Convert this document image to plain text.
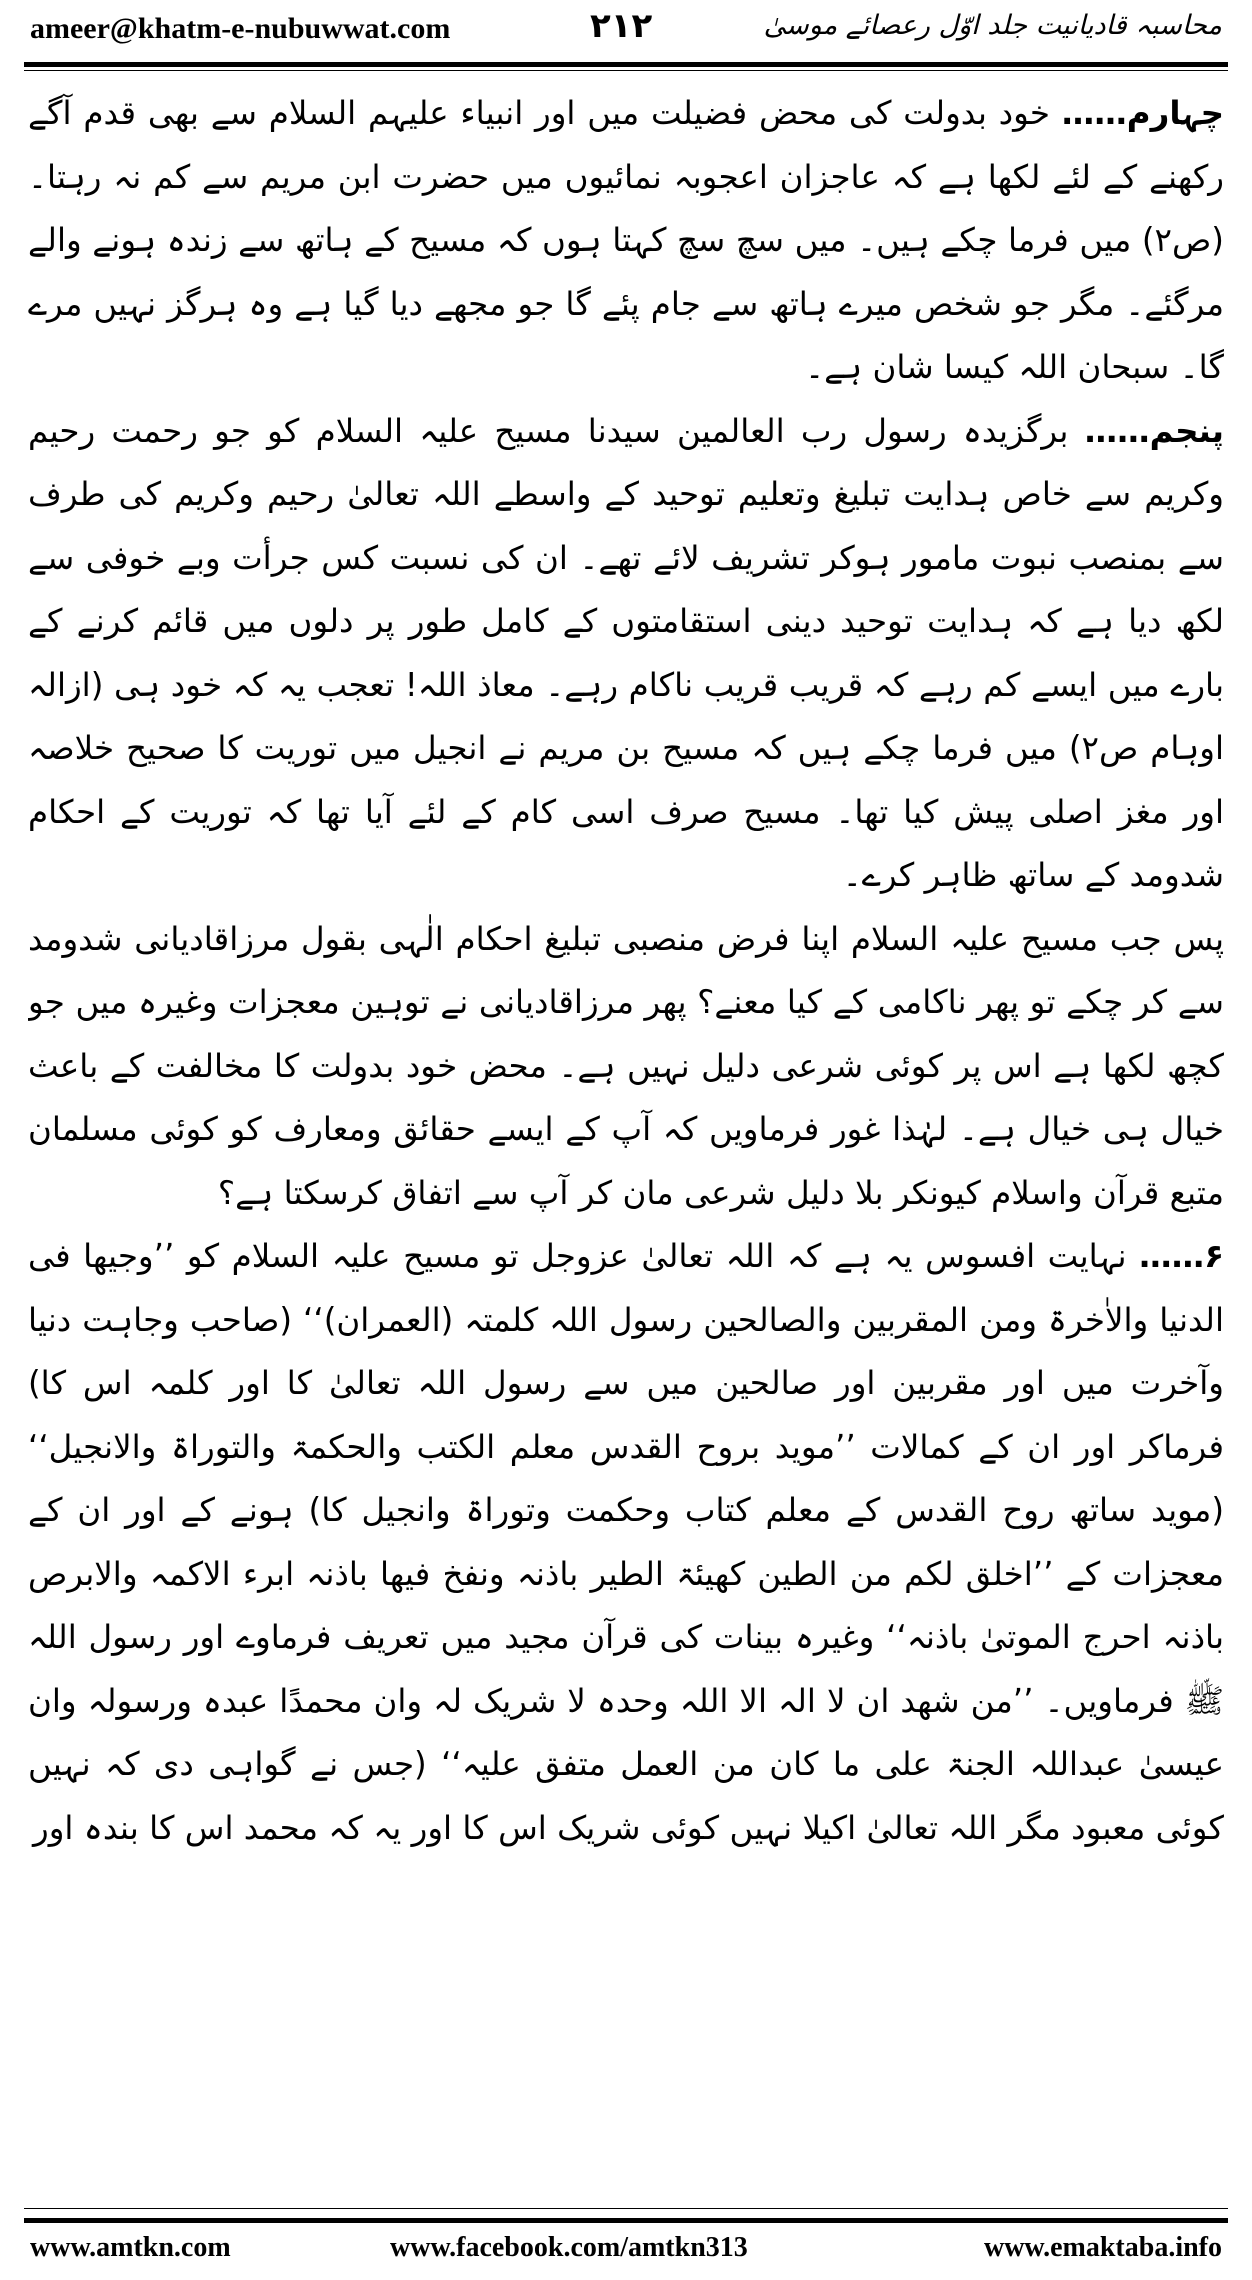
ameer@khatm-e-nubuwwat.com	۲۱۲	محاسبہ قادیانیت جلد اوّل رعصائے موسیٰ

چہارم…… خود بدولت کی محض فضیلت میں اور انبیاء علیہم السلام سے بھی قدم آگے رکھنے کے لئے لکھا ہے کہ عاجزان اعجوبہ نمائیوں میں حضرت ابن مریم سے کم نہ رہتا۔ (ص۲) میں فرما چکے ہیں۔ میں سچ سچ کہتا ہوں کہ مسیح کے ہاتھ سے زندہ ہونے والے مرگئے۔ مگر جو شخص میرے ہاتھ سے جام پئے گا جو مجھے دیا گیا ہے وہ ہرگز نہیں مرے گا۔ سبحان اللہ کیسا شان ہے۔

پنجم…… برگزیدہ رسول رب العالمین سیدنا مسیح علیہ السلام کو جو رحمت رحیم وکریم سے خاص ہدایت تبلیغ وتعلیم توحید کے واسطے اللہ تعالیٰ رحیم وکریم کی طرف سے بمنصب نبوت مامور ہوکر تشریف لائے تھے۔ ان کی نسبت کس جرأت وبے خوفی سے لکھ دیا ہے کہ ہدایت توحید دینی استقامتوں کے کامل طور پر دلوں میں قائم کرنے کے بارے میں ایسے کم رہے کہ قریب قریب ناکام رہے۔ معاذ اللہ! تعجب یہ کہ خود ہی (ازالہ اوہام ص۲) میں فرما چکے ہیں کہ مسیح بن مریم نے انجیل میں توریت کا صحیح خلاصہ اور مغز اصلی پیش کیا تھا۔ مسیح صرف اسی کام کے لئے آیا تھا کہ توریت کے احکام شدومد کے ساتھ ظاہر کرے۔

پس جب مسیح علیہ السلام اپنا فرض منصبی تبلیغ احکام الٰہی بقول مرزاقادیانی شدومد سے کر چکے تو پھر ناکامی کے کیا معنے؟ پھر مرزاقادیانی نے توہین معجزات وغیرہ میں جو کچھ لکھا ہے اس پر کوئی شرعی دلیل نہیں ہے۔ محض خود بدولت کا مخالفت کے باعث خیال ہی خیال ہے۔ لہٰذا غور فرماویں کہ آپ کے ایسے حقائق ومعارف کو کوئی مسلمان متبع قرآن واسلام کیونکر بلا دلیل شرعی مان کر آپ سے اتفاق کرسکتا ہے؟

۶…… نہایت افسوس یہ ہے کہ اللہ تعالیٰ عزوجل تو مسیح علیہ السلام کو ’’وجیھا فی الدنیا والاٰخرۃ ومن المقربین والصالحین رسول اللہ کلمتہ (العمران)‘‘ (صاحب وجاہت دنیا وآخرت میں اور مقربین اور صالحین میں سے رسول اللہ تعالیٰ کا اور کلمہ اس کا) فرماکر اور ان کے کمالات ’’موید بروح القدس معلم الکتب والحکمۃ والتوراۃ والانجیل‘‘ (موید ساتھ روح القدس کے معلم کتاب وحکمت وتوراۃ وانجیل کا) ہونے کے اور ان کے معجزات کے ’’اخلق لکم من الطین کھیئۃ الطیر باذنہ ونفخ فیھا باذنہ ابرء الاکمہ والابرص باذنہ احرج الموتیٰ باذنہ‘‘ وغیرہ بینات کی قرآن مجید میں تعریف فرماوے اور رسول اللہ ﷺ فرماویں۔ ’’من شھد ان لا الہ الا اللہ وحدہ لا شریک لہ وان محمدًا عبدہ ورسولہ وان عیسیٰ عبداللہ الجنۃ علی ما کان من العمل متفق علیہ‘‘ (جس نے گواہی دی کہ نہیں کوئی معبود مگر اللہ تعالیٰ اکیلا نہیں کوئی شریک اس کا اور یہ کہ محمد اس کا بندہ اور

www.amtkn.com	www.facebook.com/amtkn313	www.emaktaba.info
